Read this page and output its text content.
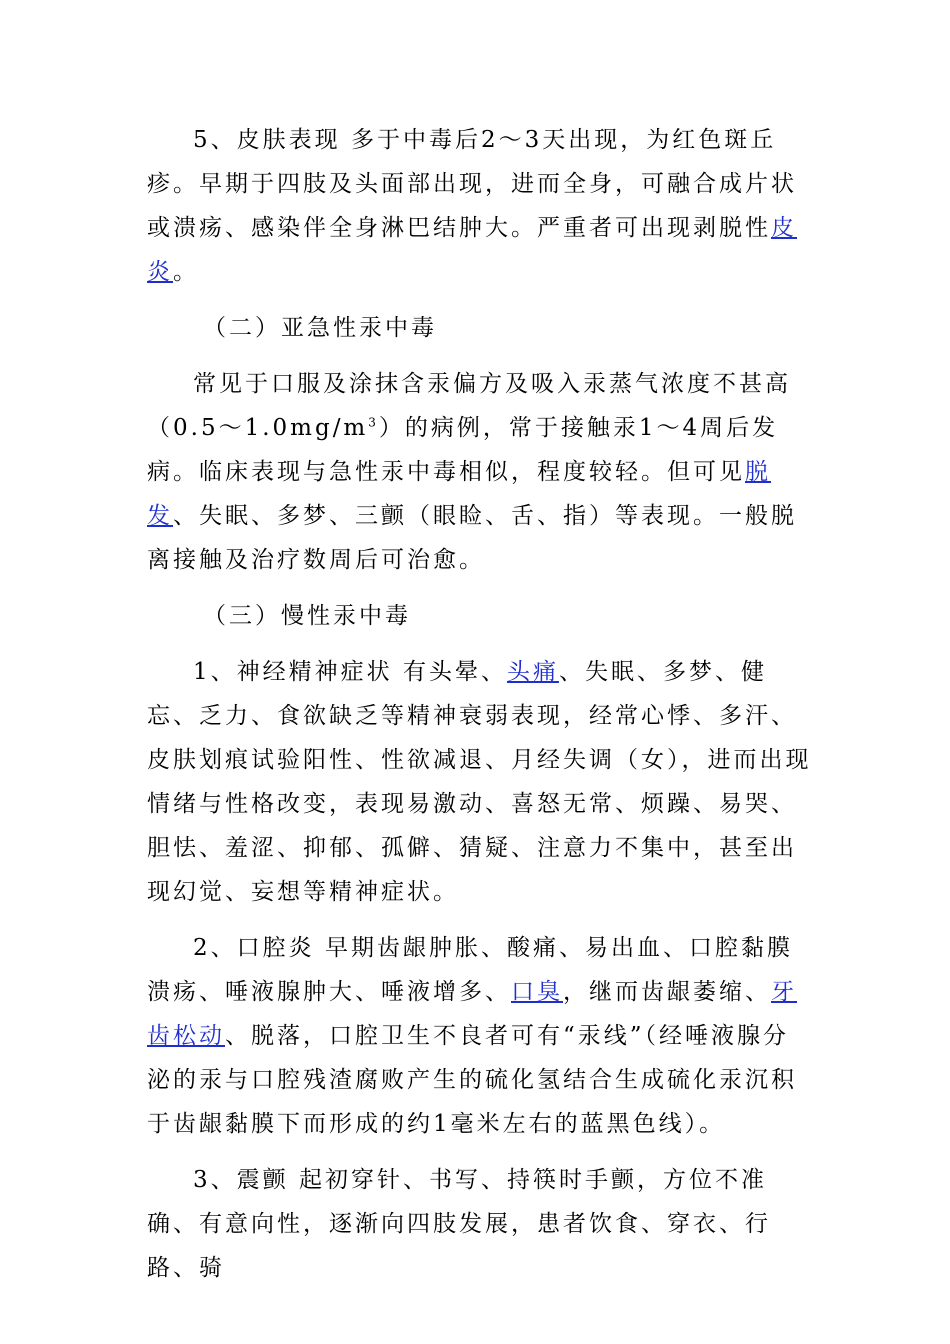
5、皮肤表现 多于中毒后2～3天出现，为红色斑丘疹。早期于四肢及头面部出现，进而全身，可融合成片状或溃疡、感染伴全身淋巴结肿大。严重者可出现剥脱性皮炎。

（二）亚急性汞中毒

常见于口服及涂抹含汞偏方及吸入汞蒸气浓度不甚高$(0.5\sim 1.0mg/m^3)$的病例，常于接触汞1～4周后发病。临床表现与急性汞中毒相似，程度较轻。但可见脱发、失眠、多梦、三颤（眼睑、舌、指）等表现。一般脱离接触及治疗数周后可治愈。

（三）慢性汞中毒

1、神经精神症状 有头晕、头痛、失眠、多梦、健忘、乏力、食欲缺乏等精神衰弱表现，经常心悸、多汗、皮肤划痕试验阳性、性欲减退、月经失调（女），进而出现情绪与性格改变，表现易激动、喜怒无常、烦躁、易哭、胆怯、羞涩、抑郁、孤僻、猜疑、注意力不集中，甚至出现幻觉、妄想等精神症状。

2、口腔炎 早期齿龈肿胀、酸痛、易出血、口腔黏膜溃疡、唾液腺肿大、唾液增多、口臭，继而齿龈萎缩、牙齿松动、脱落，口腔卫生不良者可有“汞线”（经唾液腺分泌的汞与口腔残渣腐败产生的硫化氢结合生成硫化汞沉积于齿龈黏膜下而形成的约1毫米左右的蓝黑色线）。

3、震颤 起初穿针、书写、持筷时手颤，方位不准确、有意向性，逐渐向四肢发展，患者饮食、穿衣、行路、骑
